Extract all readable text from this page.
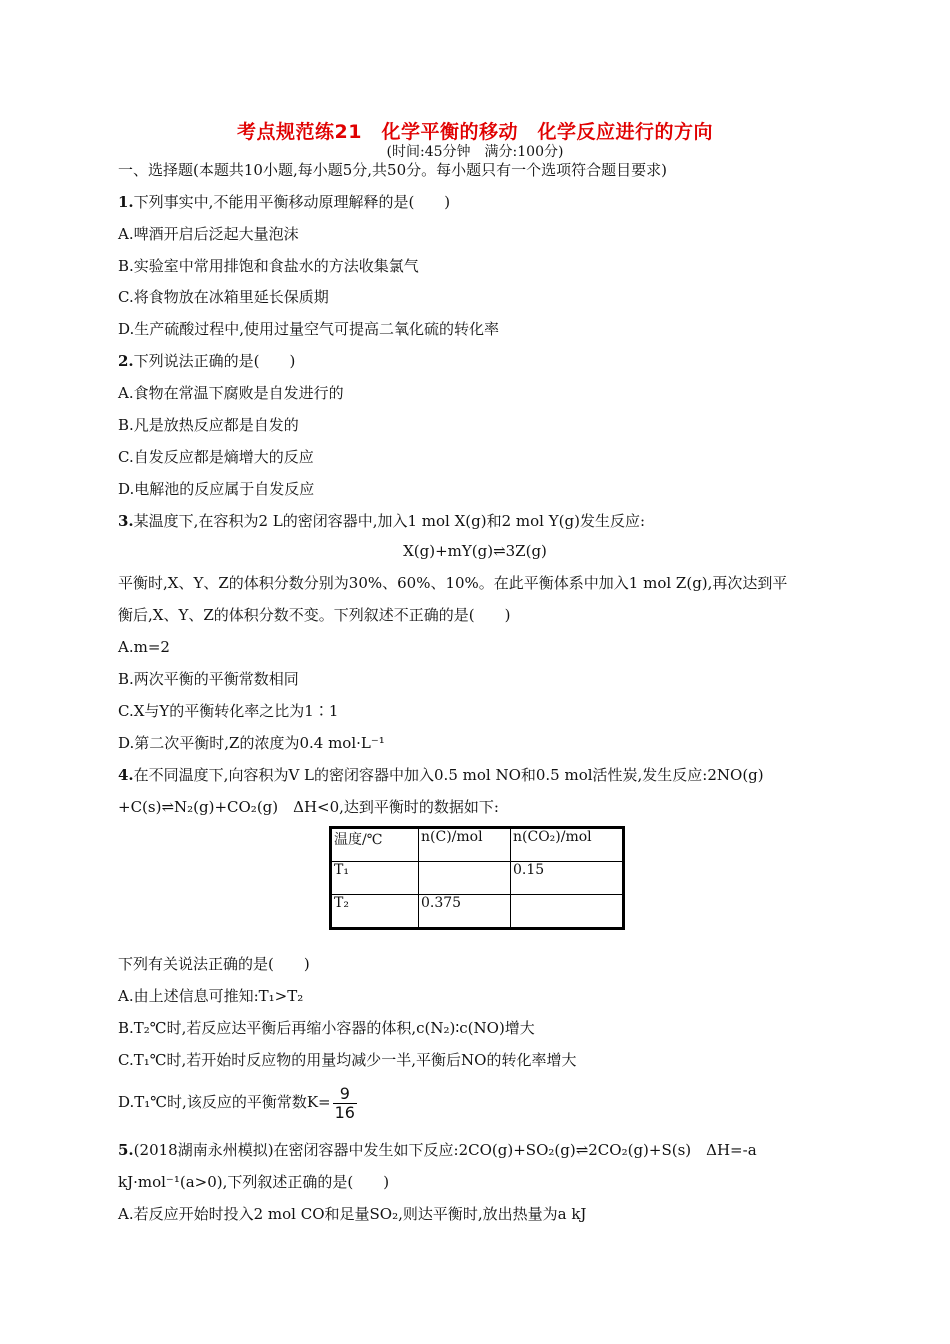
考点规范练21　化学平衡的移动　化学反应进行的方向
(时间:45分钟　满分:100分)
一、选择题(本题共10小题,每小题5分,共50分。每小题只有一个选项符合题目要求)
1.下列事实中,不能用平衡移动原理解释的是(　　)
A.啤酒开启后泛起大量泡沫
B.实验室中常用排饱和食盐水的方法收集氯气
C.将食物放在冰箱里延长保质期
D.生产硫酸过程中,使用过量空气可提高二氧化硫的转化率
2.下列说法正确的是(　　)
A.食物在常温下腐败是自发进行的
B.凡是放热反应都是自发的
C.自发反应都是熵增大的反应
D.电解池的反应属于自发反应
3.某温度下,在容积为2 L的密闭容器中,加入1 mol X(g)和2 mol Y(g)发生反应:
X(g)+mY(g)⇌3Z(g)
平衡时,X、Y、Z的体积分数分别为30%、60%、10%。在此平衡体系中加入1 mol Z(g),再次达到平
衡后,X、Y、Z的体积分数不变。下列叙述不正确的是(　　)
A.m=2
B.两次平衡的平衡常数相同
C.X与Y的平衡转化率之比为1∶1
D.第二次平衡时,Z的浓度为0.4 mol·L⁻¹
4.在不同温度下,向容积为V L的密闭容器中加入0.5 mol NO和0.5 mol活性炭,发生反应:2NO(g)
+C(s)⇌N₂(g)+CO₂(g)　ΔH<0,达到平衡时的数据如下:
温度/℃	n(C)/mol	n(CO₂)/mol
T₁		0.15
T₂	0.375	
下列有关说法正确的是(　　)
A.由上述信息可推知:T₁>T₂
B.T₂℃时,若反应达平衡后再缩小容器的体积,c(N₂)∶c(NO)增大
C.T₁℃时,若开始时反应物的用量均减少一半,平衡后NO的转化率增大
D.T₁℃时,该反应的平衡常数$K= \frac{9}{16}$
5.(2018湖南永州模拟)在密闭容器中发生如下反应:2CO(g)+SO₂(g)⇌2CO₂(g)+S(s)　ΔH=-a
kJ·mol⁻¹(a>0),下列叙述正确的是(　　)
A.若反应开始时投入2 mol CO和足量SO₂,则达平衡时,放出热量为a kJ
